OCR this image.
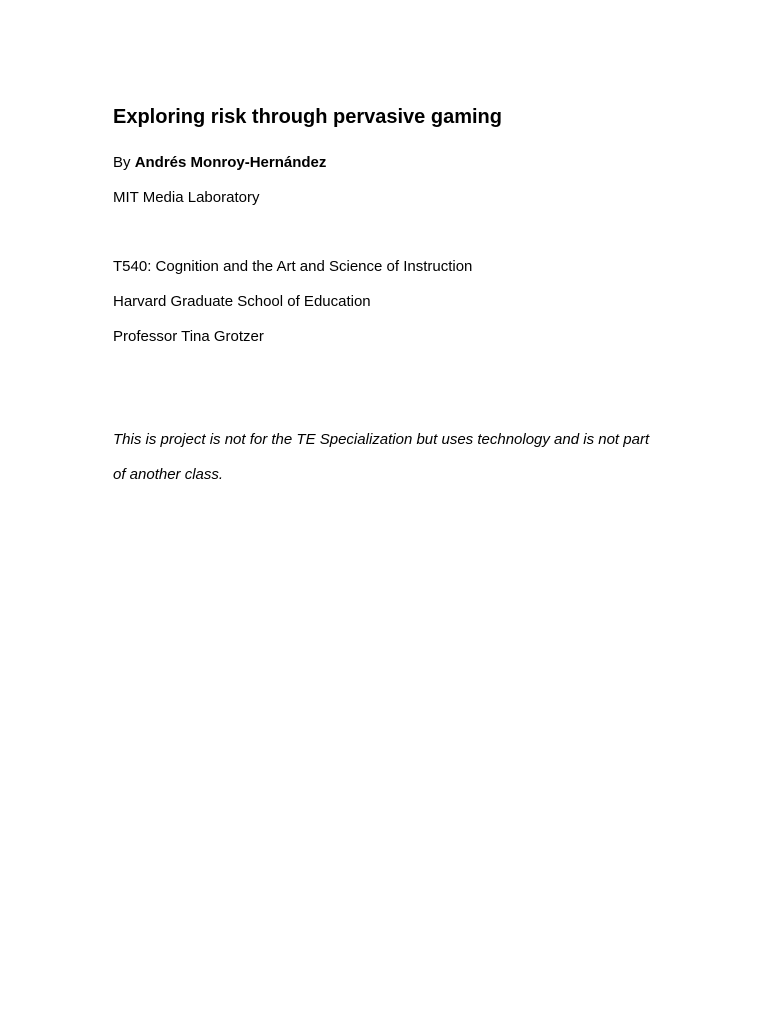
Exploring risk through pervasive gaming

By Andrés Monroy-Hernández

MIT Media Laboratory

T540: Cognition and the Art and Science of Instruction

Harvard Graduate School of Education

Professor Tina Grotzer

This is project is not for the TE Specialization but uses technology and is not part
of another class.
